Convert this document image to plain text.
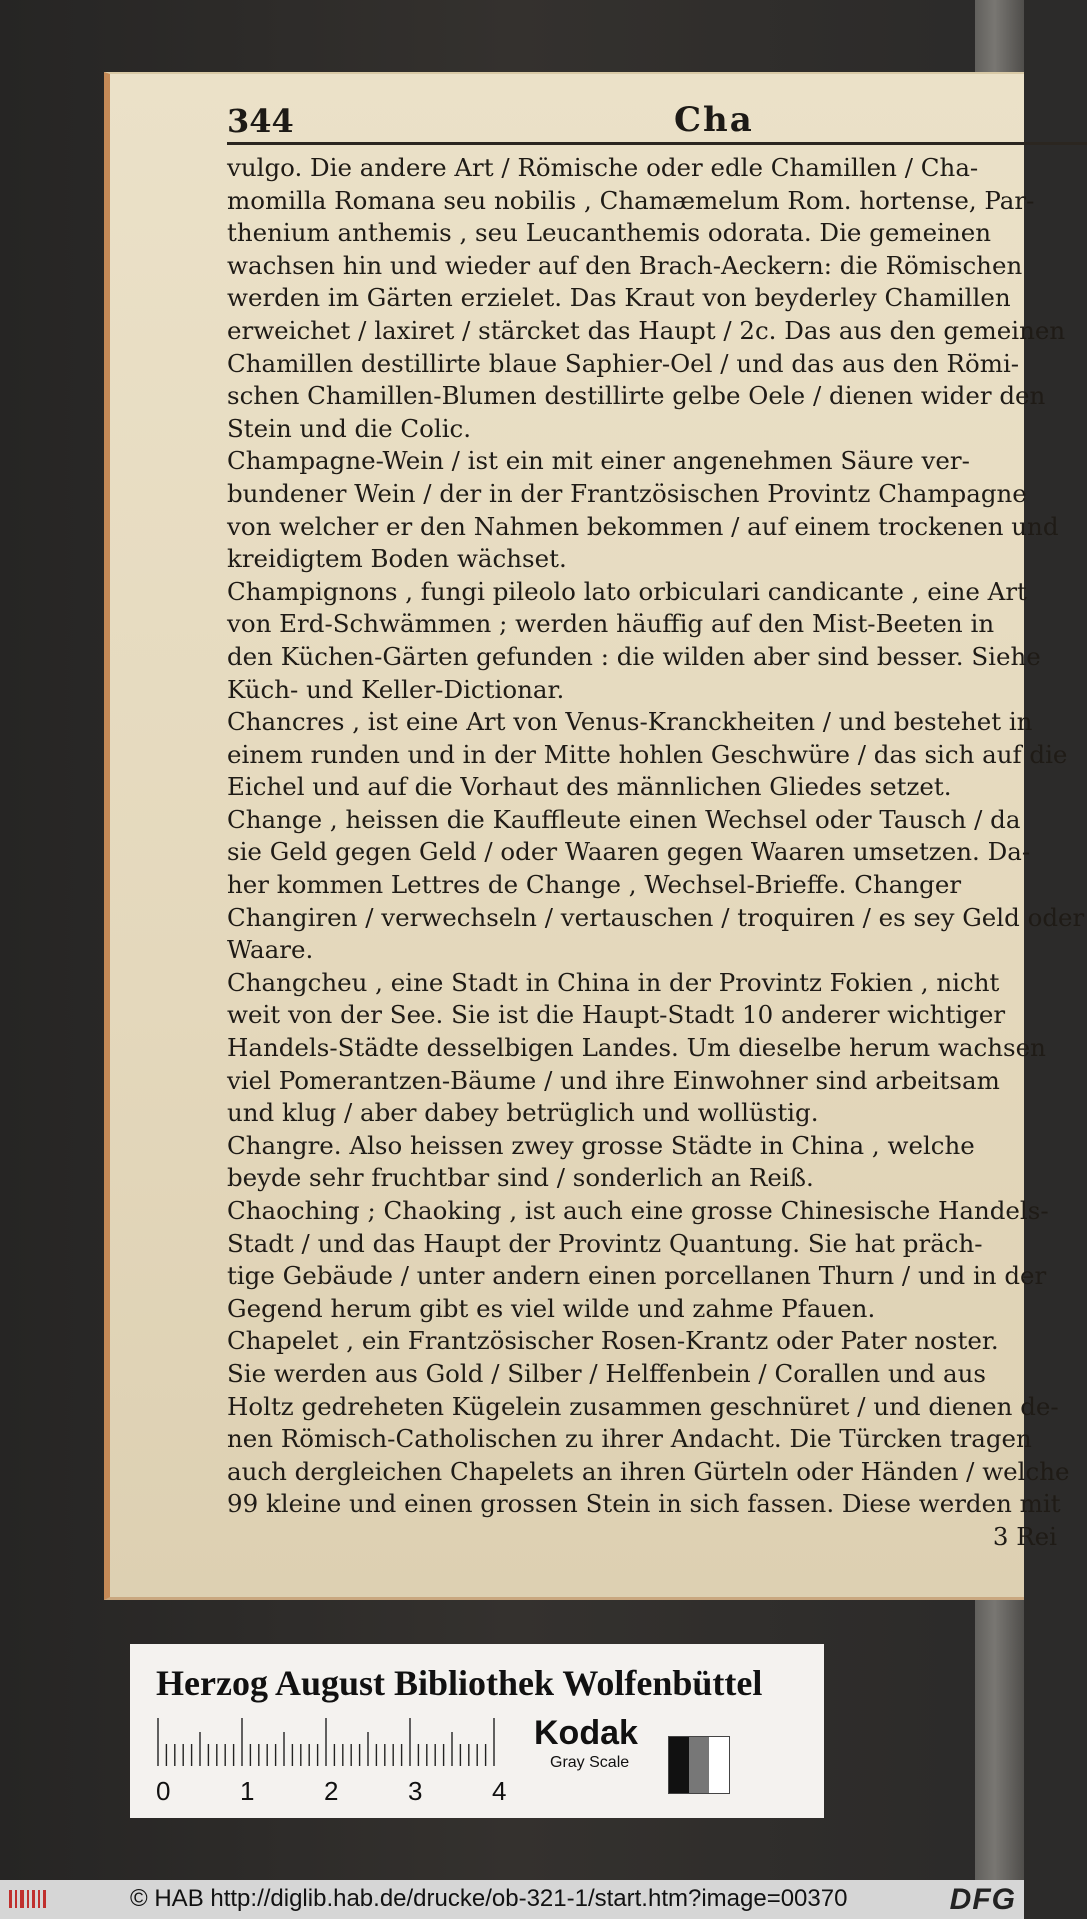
344	Cha
vulgo. Die andere Art / Römische oder edle Chamillen / Cha-
momilla Romana seu nobilis , Chamæmelum Rom. hortense, Par-
thenium anthemis , seu Leucanthemis odorata. Die gemeinen
wachsen hin und wieder auf den Brach-Aeckern: die Römischen
werden im Gärten erzielet. Das Kraut von beyderley Chamillen
erweichet / laxiret / stärcket das Haupt / 2c. Das aus den gemeinen
Chamillen destillirte blaue Saphier-Oel / und das aus den Römi-
schen Chamillen-Blumen destillirte gelbe Oele / dienen wider den
Stein und die Colic.
Champagne-Wein / ist ein mit einer angenehmen Säure ver-
bundener Wein / der in der Frantzösischen Provintz Champagne
von welcher er den Nahmen bekommen / auf einem trockenen und
kreidigtem Boden wächset.
Champignons , fungi pileolo lato orbiculari candicante , eine Art
von Erd-Schwämmen ; werden häuffig auf den Mist-Beeten in
den Küchen-Gärten gefunden : die wilden aber sind besser. Siehe
Küch- und Keller-Dictionar.
Chancres , ist eine Art von Venus-Kranckheiten / und bestehet in
einem runden und in der Mitte hohlen Geschwüre / das sich auf die
Eichel und auf die Vorhaut des männlichen Gliedes setzet.
Change , heissen die Kauffleute einen Wechsel oder Tausch / da
sie Geld gegen Geld / oder Waaren gegen Waaren umsetzen. Da-
her kommen Lettres de Change , Wechsel-Brieffe. Changer
Changiren / verwechseln / vertauschen / troquiren / es sey Geld oder
Waare.
Changcheu , eine Stadt in China in der Provintz Fokien , nicht
weit von der See. Sie ist die Haupt-Stadt 10 anderer wichtiger
Handels-Städte desselbigen Landes. Um dieselbe herum wachsen
viel Pomerantzen-Bäume / und ihre Einwohner sind arbeitsam
und klug / aber dabey betrüglich und wollüstig.
Changre. Also heissen zwey grosse Städte in China , welche
beyde sehr fruchtbar sind / sonderlich an Reiß.
Chaoching ; Chaoking , ist auch eine grosse Chinesische Handels-
Stadt / und das Haupt der Provintz Quantung. Sie hat präch-
tige Gebäude / unter andern einen porcellanen Thurn / und in der
Gegend herum gibt es viel wilde und zahme Pfauen.
Chapelet , ein Frantzösischer Rosen-Krantz oder Pater noster.
Sie werden aus Gold / Silber / Helffenbein / Corallen und aus
Holtz gedreheten Kügelein zusammen geschnüret / und dienen de-
nen Römisch-Catholischen zu ihrer Andacht. Die Türcken tragen
auch dergleichen Chapelets an ihren Gürteln oder Händen / welche
99 kleine und einen grossen Stein in sich fassen. Diese werden mit
3 Rei
Herzog August Bibliothek Wolfenbüttel
0	1	2	3	4
Kodak
Gray Scale
© HAB http://diglib.hab.de/drucke/ob-321-1/start.htm?image=00370	DFG
